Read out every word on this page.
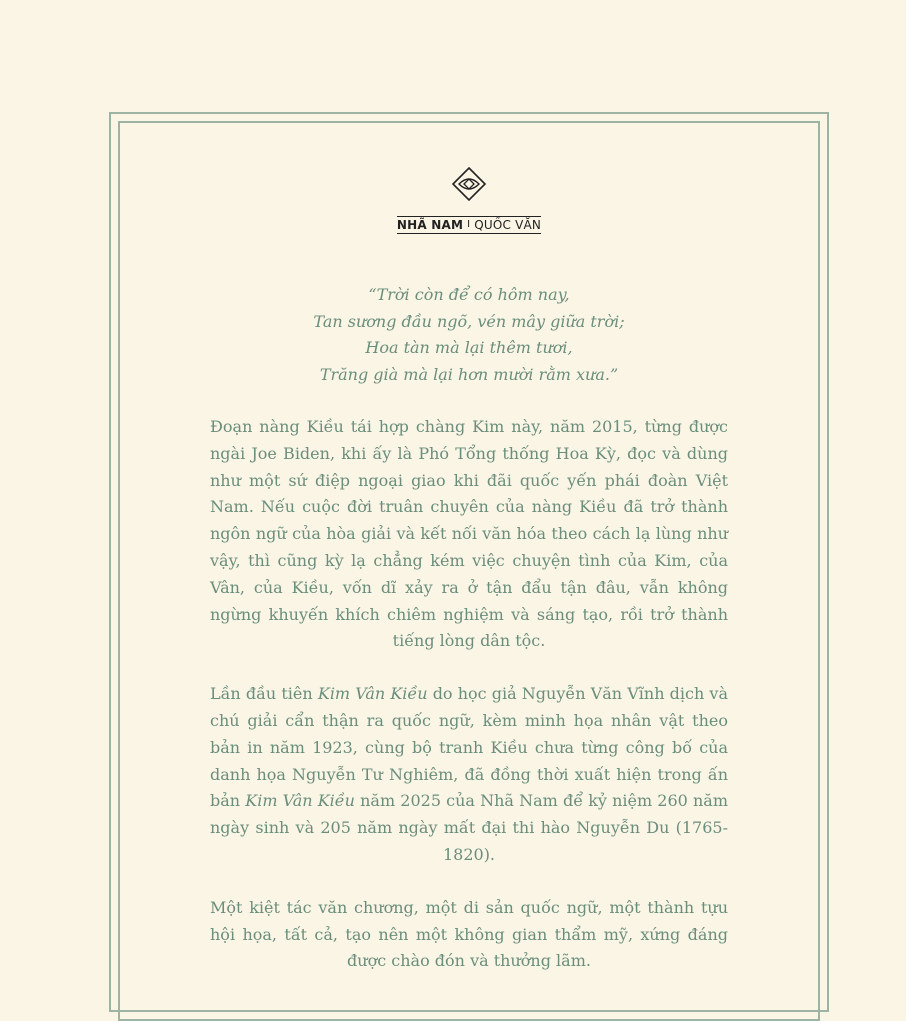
NHÃ NAM I QUỐC VĂN
“Trời còn để có hôm nay,
Tan sương đầu ngõ, vén mây giữa trời;
Hoa tàn mà lại thêm tươi,
Trăng già mà lại hơn mười rằm xưa.”

Đoạn nàng Kiều tái hợp chàng Kim này, năm 2015, từng được ngài Joe Biden, khi ấy là Phó Tổng thống Hoa Kỳ, đọc và dùng như một sứ điệp ngoại giao khi đãi quốc yến phái đoàn Việt Nam. Nếu cuộc đời truân chuyên của nàng Kiều đã trở thành ngôn ngữ của hòa giải và kết nối văn hóa theo cách lạ lùng như vậy, thì cũng kỳ lạ chẳng kém việc chuyện tình của Kim, của Vân, của Kiều, vốn dĩ xảy ra ở tận đẩu tận đâu, vẫn không ngừng khuyến khích chiêm nghiệm và sáng tạo, rồi trở thành tiếng lòng dân tộc.

Lần đầu tiên Kim Vân Kiều do học giả Nguyễn Văn Vĩnh dịch và chú giải cẩn thận ra quốc ngữ, kèm minh họa nhân vật theo bản in năm 1923, cùng bộ tranh Kiều chưa từng công bố của danh họa Nguyễn Tư Nghiêm, đã đồng thời xuất hiện trong ấn bản Kim Vân Kiều năm 2025 của Nhã Nam để kỷ niệm 260 năm ngày sinh và 205 năm ngày mất đại thi hào Nguyễn Du (1765-1820).

Một kiệt tác văn chương, một di sản quốc ngữ, một thành tựu hội họa, tất cả, tạo nên một không gian thẩm mỹ, xứng đáng được chào đón và thưởng lãm.
